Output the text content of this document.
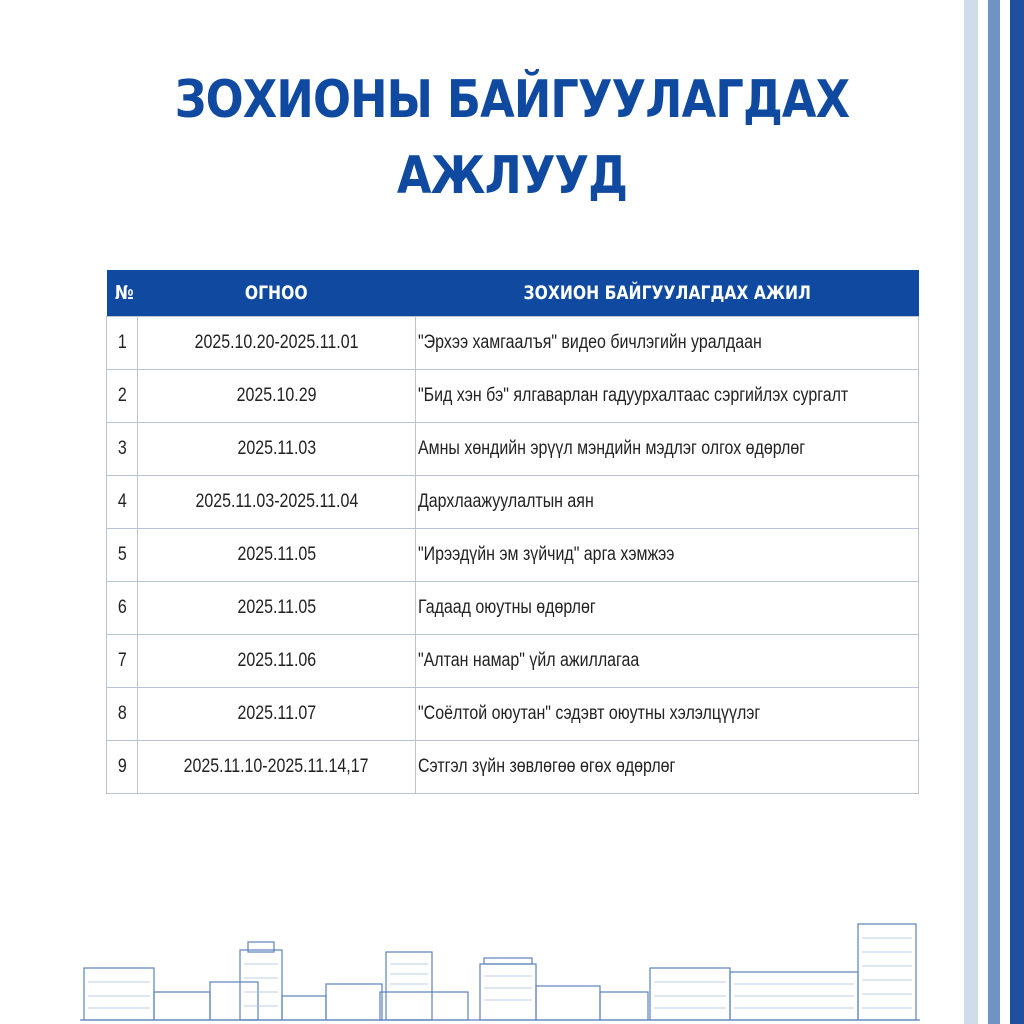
ЗОХИОНЫ БАЙГУУЛАГДАХ
АЖЛУУД
№	ОГНОО	ЗОХИОН БАЙГУУЛАГДАХ АЖИЛ
1	2025.10.20-2025.11.01	"Эрхээ хамгаалъя" видео бичлэгийн уралдаан
2	2025.10.29	"Бид хэн бэ" ялгаварлан гадуурхалтаас сэргийлэх сургалт
3	2025.11.03	Амны хөндийн эрүүл мэндийн мэдлэг олгох өдөрлөг
4	2025.11.03-2025.11.04	Дархлаажуулалтын аян
5	2025.11.05	"Ирээдүйн эм зүйчид" арга хэмжээ
6	2025.11.05	Гадаад оюутны өдөрлөг
7	2025.11.06	"Алтан намар" үйл ажиллагаа
8	2025.11.07	"Соёлтой оюутан" сэдэвт оюутны хэлэлцүүлэг
9	2025.11.10-2025.11.14,17	Сэтгэл зүйн зөвлөгөө өгөх өдөрлөг
